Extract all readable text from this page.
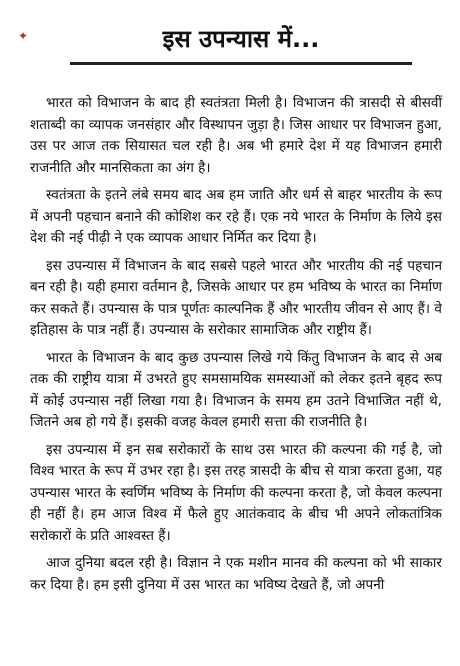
✦	इस उपन्यास में...

भारत को विभाजन के बाद ही स्वतंत्रता मिली है। विभाजन की त्रासदी से बीसवीं शताब्दी का व्यापक जनसंहार और विस्थापन जुड़ा है। जिस आधार पर विभाजन हुआ, उस पर आज तक सियासत चल रही है। अब भी हमारे देश में यह विभाजन हमारी राजनीति और मानसिकता का अंग है।

स्वतंत्रता के इतने लंबे समय बाद अब हम जाति और धर्म से बाहर भारतीय के रूप में अपनी पहचान बनाने की कोशिश कर रहे हैं। एक नये भारत के निर्माण के लिये इस देश की नई पीढ़ी ने एक व्यापक आधार निर्मित कर दिया है।

इस उपन्यास में विभाजन के बाद सबसे पहले भारत और भारतीय की नई पहचान बन रही है। यही हमारा वर्तमान है, जिसके आधार पर हम भविष्य के भारत का निर्माण कर सकते हैं। उपन्यास के पात्र पूर्णतः काल्पनिक हैं और भारतीय जीवन से आए हैं। वे इतिहास के पात्र नहीं हैं। उपन्यास के सरोकार सामाजिक और राष्ट्रीय हैं।

भारत के विभाजन के बाद कुछ उपन्यास लिखे गये किंतु विभाजन के बाद से अब तक की राष्ट्रीय यात्रा में उभरते हुए समसामयिक समस्याओं को लेकर इतने बृहद रूप में कोई उपन्यास नहीं लिखा गया है। विभाजन के समय हम उतने विभाजित नहीं थे, जितने अब हो गये हैं। इसकी वजह केवल हमारी सत्ता की राजनीति है।

इस उपन्यास में इन सब सरोकारों के साथ उस भारत की कल्पना की गई है, जो विश्व भारत के रूप में उभर रहा है। इस तरह त्रासदी के बीच से यात्रा करता हुआ, यह उपन्यास भारत के स्वर्णिम भविष्य के निर्माण की कल्पना करता है, जो केवल कल्पना ही नहीं है। हम आज विश्व में फैले हुए आतंकवाद के बीच भी अपने लोकतांत्रिक सरोकारों के प्रति आश्वस्त हैं।

आज दुनिया बदल रही है। विज्ञान ने एक मशीन मानव की कल्पना को भी साकार कर दिया है। हम इसी दुनिया में उस भारत का भविष्य देखते हैं, जो अपनी
